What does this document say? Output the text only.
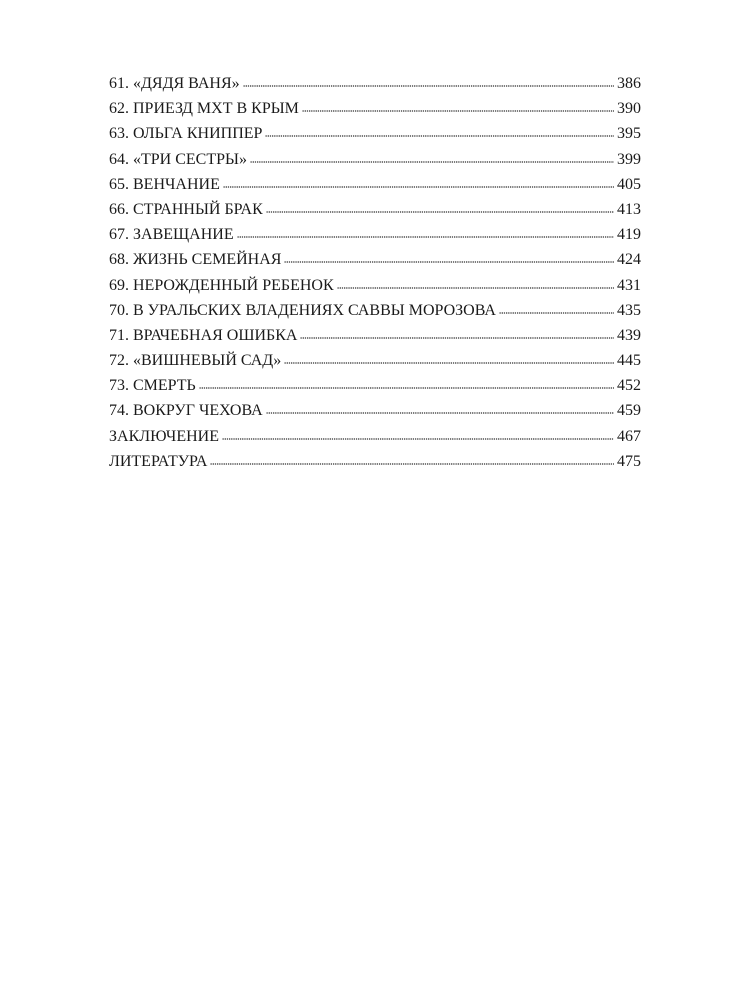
61. «ДЯДЯ ВАНЯ»	386
62. ПРИЕЗД МХТ В КРЫМ	390
63. ОЛЬГА КНИППЕР	395
64. «ТРИ СЕСТРЫ»	399
65. ВЕНЧАНИЕ	405
66. СТРАННЫЙ БРАК	413
67. ЗАВЕЩАНИЕ	419
68. ЖИЗНЬ СЕМЕЙНАЯ	424
69. НЕРОЖДЕННЫЙ РЕБЕНОК	431
70. В УРАЛЬСКИХ ВЛАДЕНИЯХ САВВЫ МОРОЗОВА	435
71. ВРАЧЕБНАЯ ОШИБКА	439
72. «ВИШНЕВЫЙ САД»	445
73. СМЕРТЬ	452
74. ВОКРУГ ЧЕХОВА	459
ЗАКЛЮЧЕНИЕ	467
ЛИТЕРАТУРА	475
